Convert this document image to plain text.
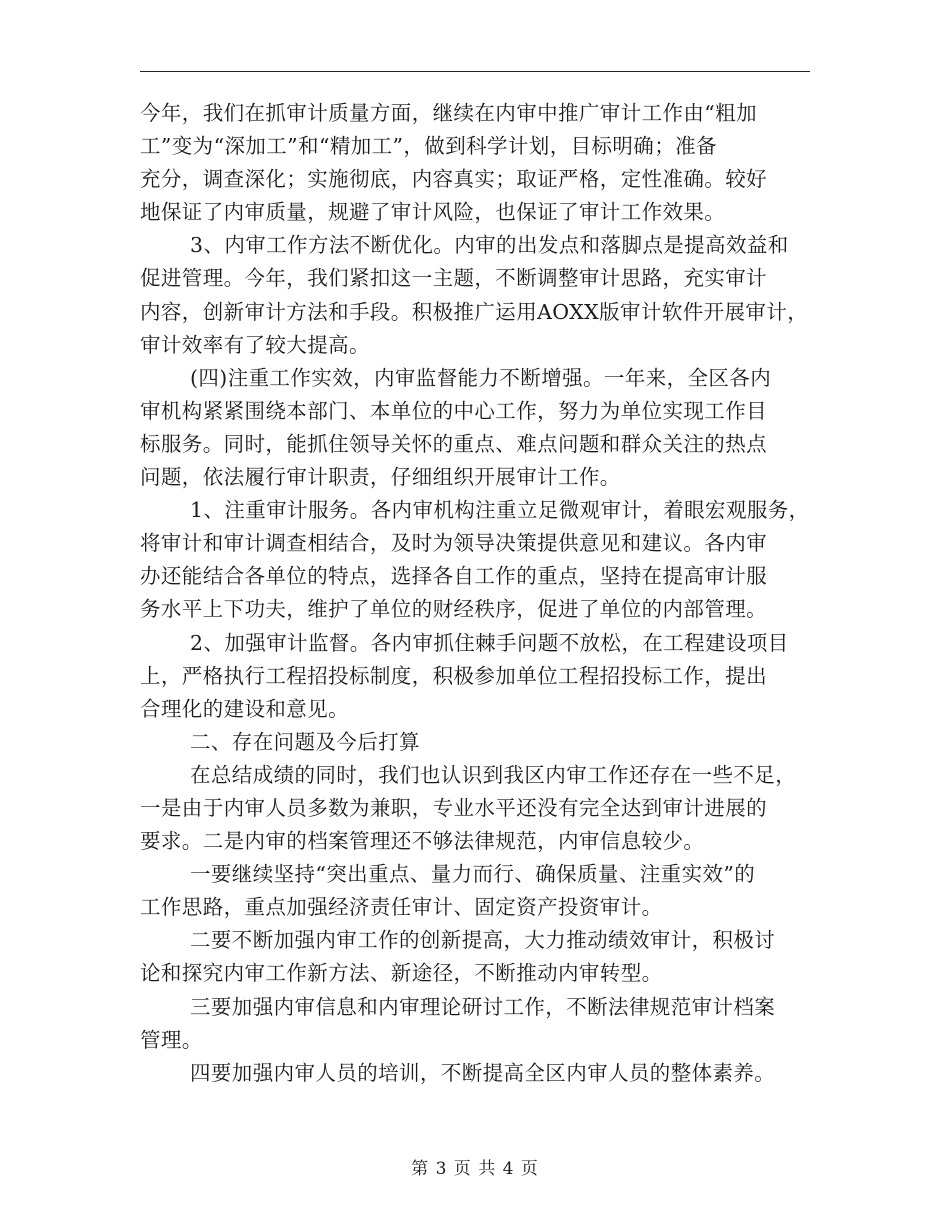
今年，我们在抓审计质量方面，继续在内审中推广审计工作由“粗加
工”变为“深加工”和“精加工”，做到科学计划，目标明确；准备
充分，调查深化；实施彻底，内容真实；取证严格，定性准确。较好
地保证了内审质量，规避了审计风险，也保证了审计工作效果。
3、内审工作方法不断优化。内审的出发点和落脚点是提高效益和
促进管理。今年，我们紧扣这一主题，不断调整审计思路，充实审计
内容，创新审计方法和手段。积极推广运用AOXX版审计软件开展审计，
审计效率有了较大提高。
(四)注重工作实效，内审监督能力不断增强。一年来，全区各内
审机构紧紧围绕本部门、本单位的中心工作，努力为单位实现工作目
标服务。同时，能抓住领导关怀的重点、难点问题和群众关注的热点
问题，依法履行审计职责，仔细组织开展审计工作。
1、注重审计服务。各内审机构注重立足微观审计，着眼宏观服务，
将审计和审计调查相结合，及时为领导决策提供意见和建议。各内审
办还能结合各单位的特点，选择各自工作的重点，坚持在提高审计服
务水平上下功夫，维护了单位的财经秩序，促进了单位的内部管理。
2、加强审计监督。各内审抓住棘手问题不放松，在工程建设项目
上，严格执行工程招投标制度，积极参加单位工程招投标工作，提出
合理化的建设和意见。
二、存在问题及今后打算
在总结成绩的同时，我们也认识到我区内审工作还存在一些不足，
一是由于内审人员多数为兼职，专业水平还没有完全达到审计进展的
要求。二是内审的档案管理还不够法律规范，内审信息较少。
一要继续坚持“突出重点、量力而行、确保质量、注重实效”的
工作思路，重点加强经济责任审计、固定资产投资审计。
二要不断加强内审工作的创新提高，大力推动绩效审计，积极讨
论和探究内审工作新方法、新途径，不断推动内审转型。
三要加强内审信息和内审理论研讨工作，不断法律规范审计档案
管理。
四要加强内审人员的培训，不断提高全区内审人员的整体素养。
第 3 页 共 4 页
